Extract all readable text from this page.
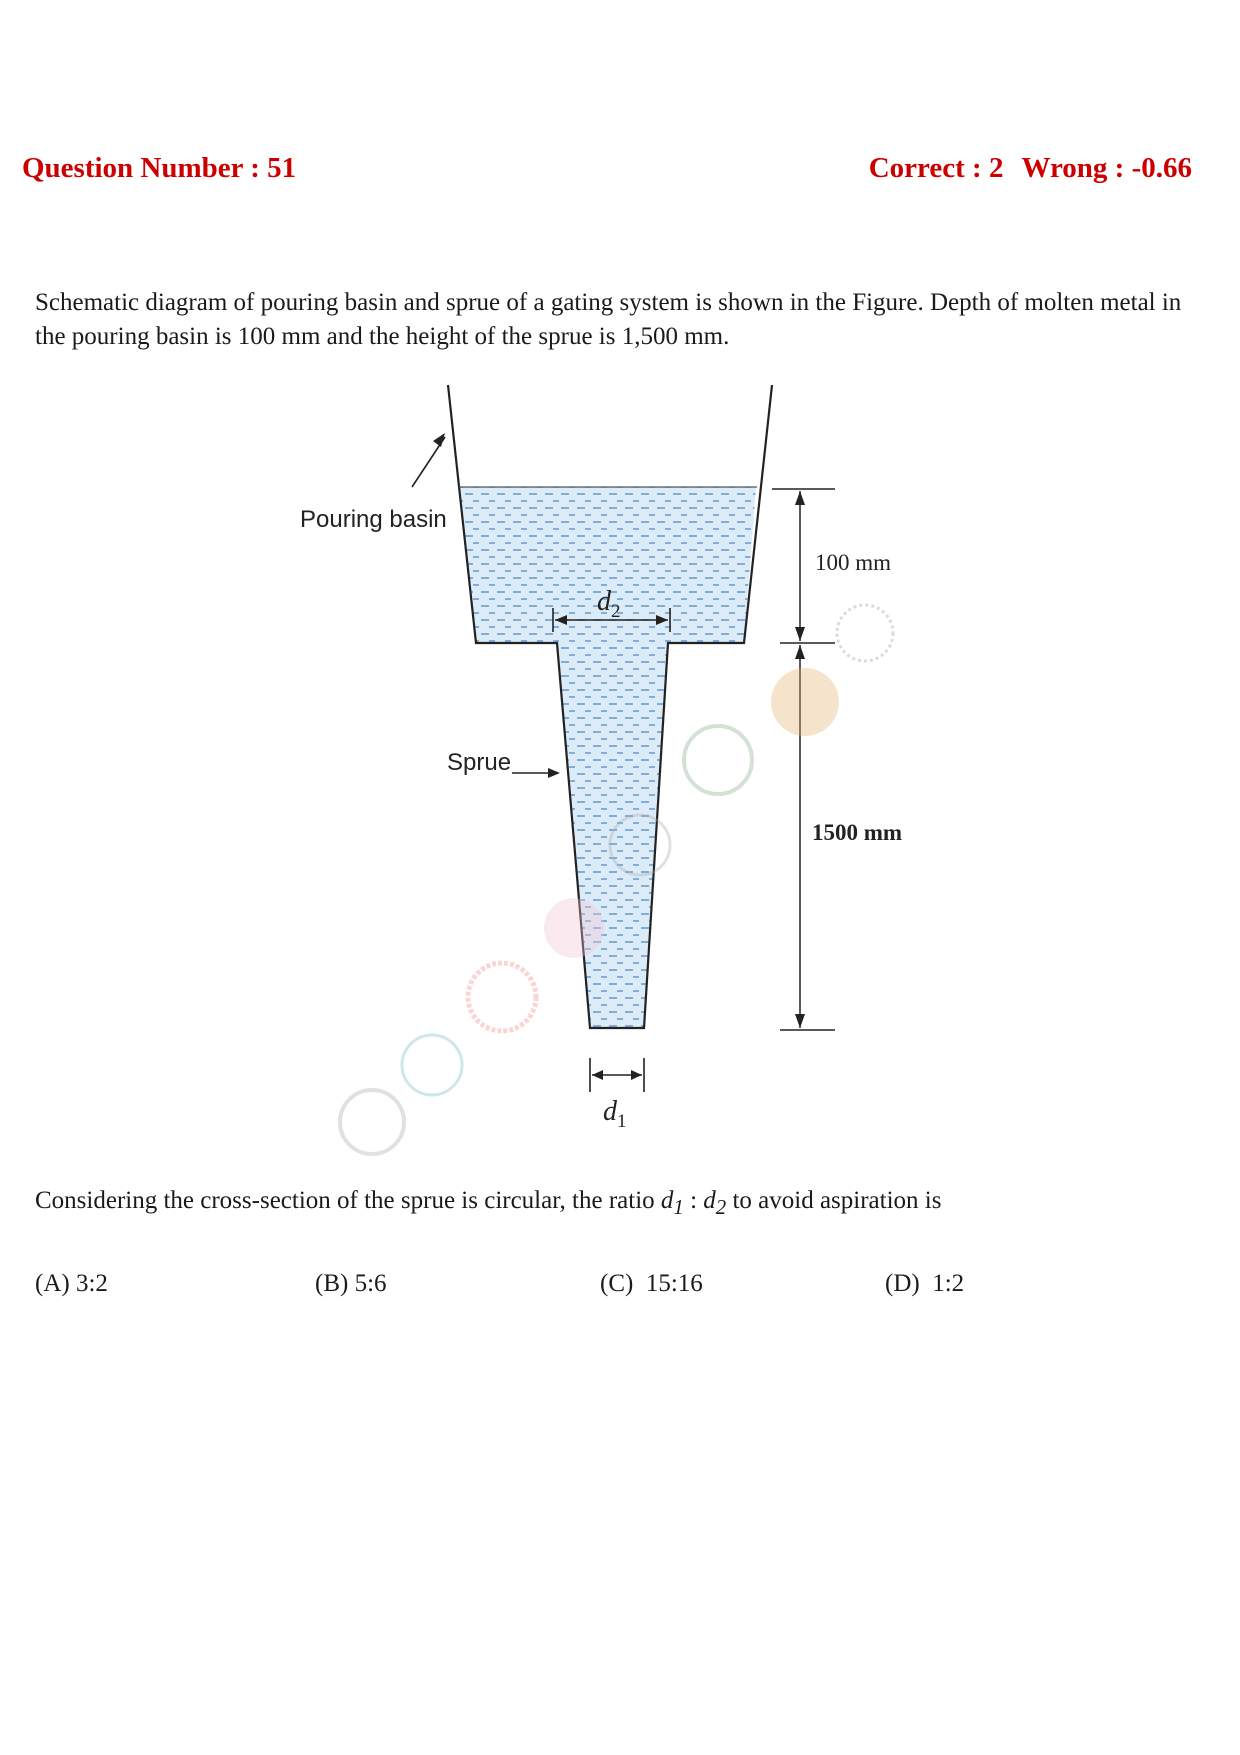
Question Number : 51	Correct : 2 Wrong : -0.66
Schematic diagram of pouring basin and sprue of a gating system is shown in the Figure. Depth of molten metal in the pouring basin is 100 mm and the height of the sprue is 1,500 mm.
Pouring basin
Sprue
$d_2$
$d_1$
100 mm
1500 mm
Considering the cross-section of the sprue is circular, the ratio $d_1$ : $d_2$ to avoid aspiration is
(A) 3:2	(B) 5:6	(C) 15:16	(D) 1:2
